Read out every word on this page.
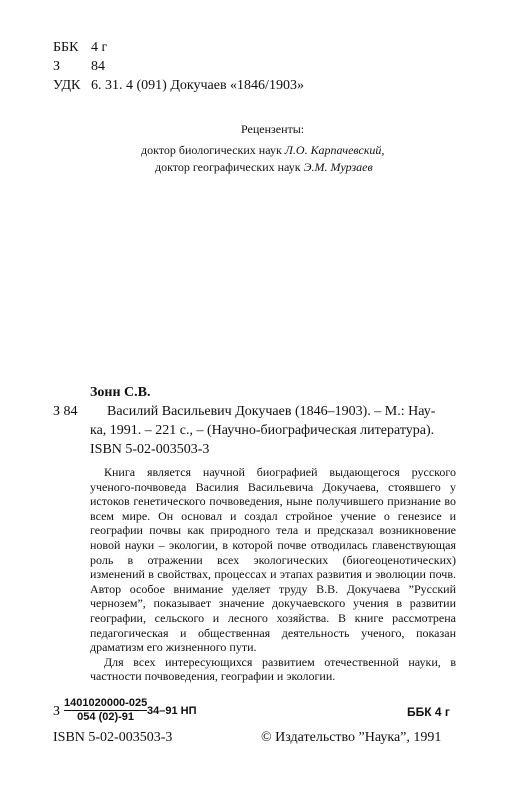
ББК 4 г
З 84
УДК 6. 31. 4 (091) Докучаев «1846/1903»
Рецензенты:
доктор биологических наук Л.О. Карпачевский,
доктор географических наук Э.М. Мурзаев
Зонн С.В.
З 84 Василий Васильевич Докучаев (1846–1903). – М.: Нау-
ка, 1991. – 221 с., – (Научно-биографическая литература).
ISBN 5-02-003503-3

Книга является научной биографией выдающегося русского ученого-почвоведа Василия Васильевича Докучаева, стоявшего у истоков генетического почвоведения, ныне получившего признание во всем мире. Он основал и создал стройное учение о генезисе и географии почвы как природного тела и предсказал возникновение новой науки – экологии, в которой почве отводилась главенствующая роль в отражении всех экологических (биогеоценотических) изменений в свойствах, процессах и этапах развития и эволюции почв. Автор особое внимание уделяет труду В.В. Докучаева ”Русский чернозем”, показывает значение докучаевского учения в развитии географии, сельского и лесного хозяйства. В книге рассмотрена педагогическая и общественная деятельность ученого, показан драматизм его жизненного пути.

Для всех интересующихся развитием отечественной науки, в частности почвоведения, географии и экологии.

З
1401020000-025
054 (02)-91	34–91 НП	ББК 4 г
ISBN 5-02-003503-3	© Издательство ”Наука”, 1991
